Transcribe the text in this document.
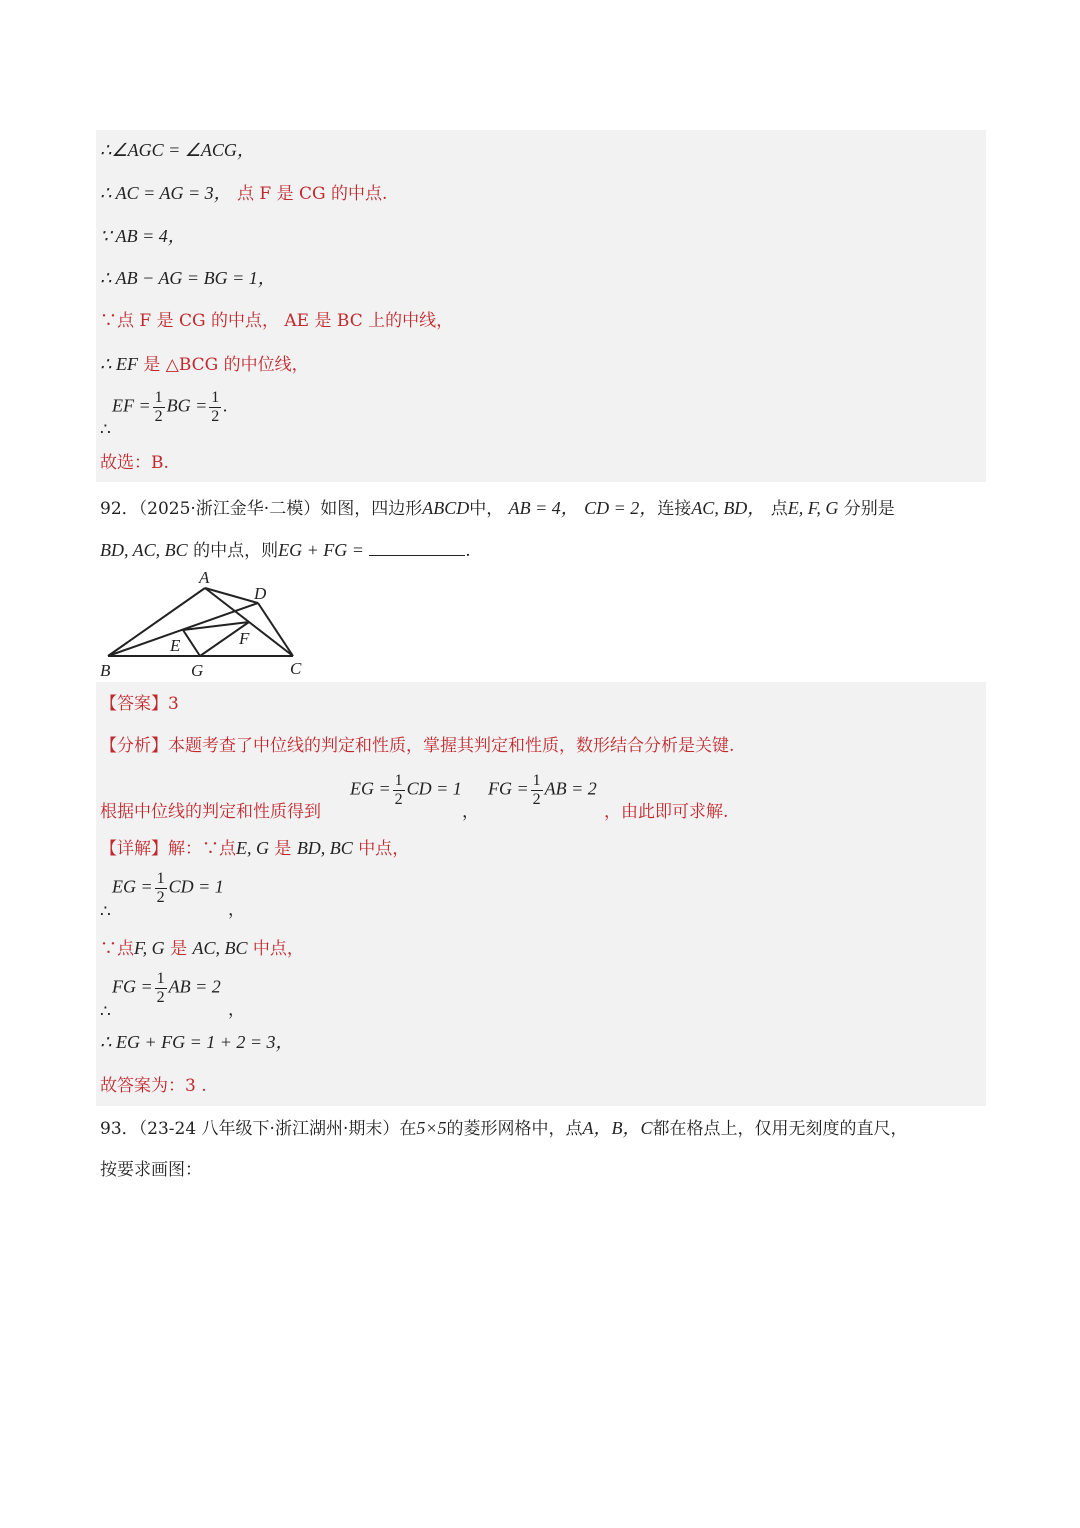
∴∠AGC = ∠ACG，
∴ AC = AG = 3， 点 F 是 CG 的中点.
∵ AB = 4，
∴ AB − AG = BG = 1，
∵点 F 是 CG 的中点， AE 是 BC 上的中线，
∴ EF 是 △BCG 的中位线，
EF = $\frac{1}{2}$ BG = $\frac{1}{2}$ .
∴
故选：B.
92．（2025·浙江金华·二模）如图，四边形ABCD中， AB = 4， CD = 2，连接AC, BD， 点E, F, G 分别是
BD, AC, BC 的中点，则EG + FG =	.
A
D
E	F
B	G	C
【答案】3
【分析】本题考查了中位线的判定和性质，掌握其判定和性质，数形结合分析是关键.
根据中位线的判定和性质得到
EG = $\frac{1}{2}$ CD = 1
，
FG = $\frac{1}{2}$ AB = 2
，由此即可求解.
【详解】解：∵点E, G 是 BD, BC 中点，
EG = $\frac{1}{2}$ CD = 1
∴	，
∵点F, G 是 AC, BC 中点，
FG = $\frac{1}{2}$ AB = 2
∴	，
∴ EG + FG = 1 + 2 = 3，
故答案为：3 .
93．（23-24 八年级下·浙江湖州·期末）在5×5的菱形网格中，点A，B，C都在格点上，仅用无刻度的直尺，
按要求画图：
